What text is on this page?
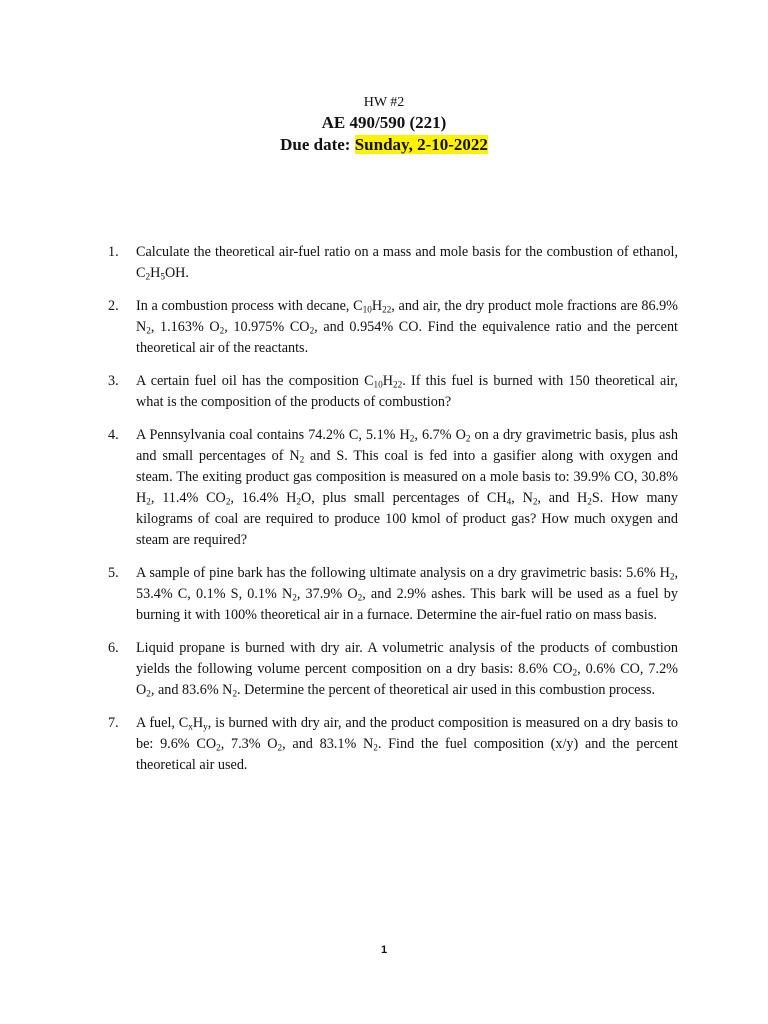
HW #2
AE 490/590 (221)
Due date: Sunday, 2-10-2022
1. Calculate the theoretical air-fuel ratio on a mass and mole basis for the combustion of ethanol, $C_2H_5OH$.
2. In a combustion process with decane, $C_{10}H_{22}$, and air, the dry product mole fractions are 86.9% $N_2$, 1.163% $O_2$, 10.975% $CO_2$, and 0.954% CO. Find the equivalence ratio and the percent theoretical air of the reactants.
3. A certain fuel oil has the composition $C_{10}H_{22}$. If this fuel is burned with 150 theoretical air, what is the composition of the products of combustion?
4. A Pennsylvania coal contains 74.2% C, 5.1% $H_2$, 6.7% $O_2$ on a dry gravimetric basis, plus ash and small percentages of $N_2$ and S. This coal is fed into a gasifier along with oxygen and steam. The exiting product gas composition is measured on a mole basis to: 39.9% CO, 30.8% $H_2$, 11.4% $CO_2$, 16.4% $H_2O$, plus small percentages of $CH_4$, $N_2$, and $H_2S$. How many kilograms of coal are required to produce 100 kmol of product gas? How much oxygen and steam are required?
5. A sample of pine bark has the following ultimate analysis on a dry gravimetric basis: 5.6% $H_2$, 53.4% C, 0.1% S, 0.1% $N_2$, 37.9% $O_2$, and 2.9% ashes. This bark will be used as a fuel by burning it with 100% theoretical air in a furnace. Determine the air-fuel ratio on mass basis.
6. Liquid propane is burned with dry air. A volumetric analysis of the products of combustion yields the following volume percent composition on a dry basis: 8.6% $CO_2$, 0.6% CO, 7.2% $O_2$, and 83.6% $N_2$. Determine the percent of theoretical air used in this combustion process.
7. A fuel, $C_xH_y$, is burned with dry air, and the product composition is measured on a dry basis to be: 9.6% $CO_2$, 7.3% $O_2$, and 83.1% $N_2$. Find the fuel composition (x/y) and the percent theoretical air used.
1
